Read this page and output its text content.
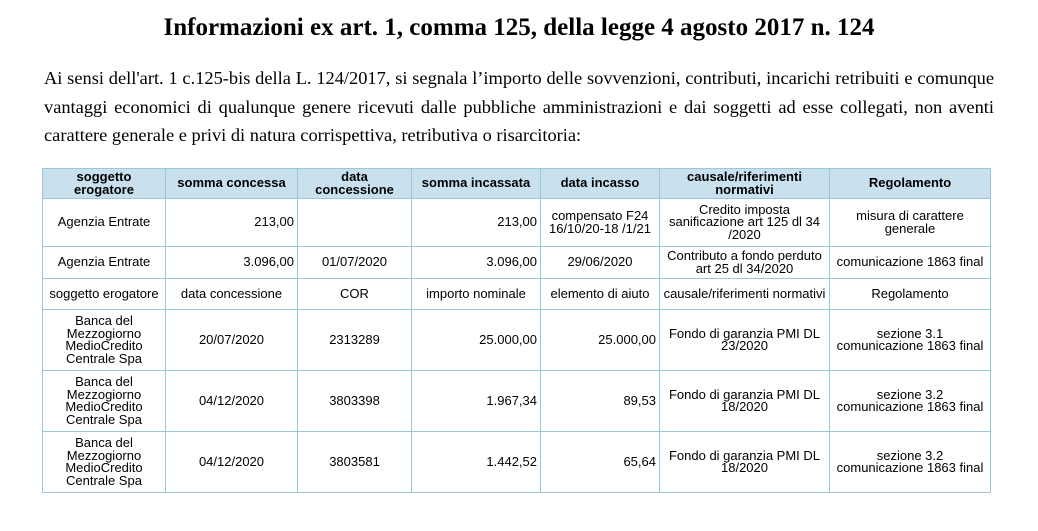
Informazioni ex art. 1, comma 125, della legge 4 agosto 2017 n. 124

Ai sensi dell'art. 1 c.125-bis della L. 124/2017, si segnala l’importo delle sovvenzioni, contributi, incarichi retribuiti e comunque vantaggi economici di qualunque genere ricevuti dalle pubbliche amministrazioni e dai soggetti ad esse collegati, non aventi carattere generale e privi di natura corrispettiva, retributiva o risarcitoria:

soggetto erogatore	somma concessa	data concessione	somma incassata	data incasso	causale/riferimenti normativi	Regolamento
Agenzia Entrate	213,00		213,00	compensato F24 16/10/20-18 /1/21	Credito imposta sanificazione art 125 dl 34 /2020	misura di carattere generale
Agenzia Entrate	3.096,00	01/07/2020	3.096,00	29/06/2020	Contributo a fondo perduto art 25 dl 34/2020	comunicazione 1863 final
soggetto erogatore	data concessione	COR	importo nominale	elemento di aiuto	causale/riferimenti normativi	Regolamento
Banca del Mezzogiorno MedioCredito Centrale Spa	20/07/2020	2313289	25.000,00	25.000,00	Fondo di garanzia PMI DL 23/2020	sezione 3.1 comunicazione 1863 final
Banca del Mezzogiorno MedioCredito Centrale Spa	04/12/2020	3803398	1.967,34	89,53	Fondo di garanzia PMI DL 18/2020	sezione 3.2 comunicazione 1863 final
Banca del Mezzogiorno MedioCredito Centrale Spa	04/12/2020	3803581	1.442,52	65,64	Fondo di garanzia PMI DL 18/2020	sezione 3.2 comunicazione 1863 final
